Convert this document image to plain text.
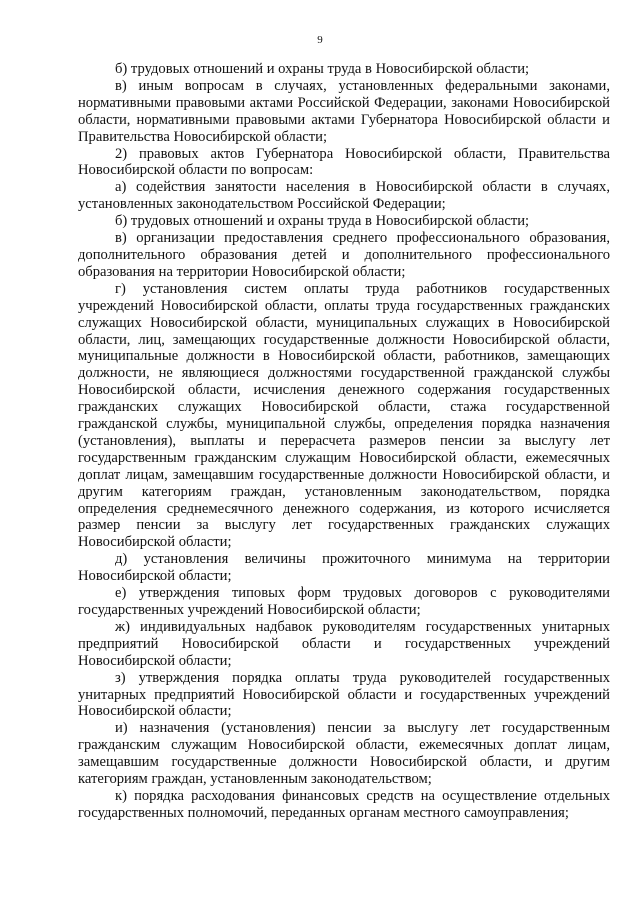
9

б) трудовых отношений и охраны труда в Новосибирской области;

в) иным вопросам в случаях, установленных федеральными законами, нормативными правовыми актами Российской Федерации, законами Новосибирской области, нормативными правовыми актами Губернатора Новосибирской области и Правительства Новосибирской области;

2) правовых актов Губернатора Новосибирской области, Правительства Новосибирской области по вопросам:

а) содействия занятости населения в Новосибирской области в случаях, установленных законодательством Российской Федерации;

б) трудовых отношений и охраны труда в Новосибирской области;

в) организации предоставления среднего профессионального образования, дополнительного образования детей и дополнительного профессионального образования на территории Новосибирской области;

г) установления систем оплаты труда работников государственных учреждений Новосибирской области, оплаты труда государственных гражданских служащих Новосибирской области, муниципальных служащих в Новосибирской области, лиц, замещающих государственные должности Новосибирской области, муниципальные должности в Новосибирской области, работников, замещающих должности, не являющиеся должностями государственной гражданской службы Новосибирской области, исчисления денежного содержания государственных гражданских служащих Новосибирской области, стажа государственной гражданской службы, муниципальной службы, определения порядка назначения (установления), выплаты и перерасчета размеров пенсии за выслугу лет государственным гражданским служащим Новосибирской области, ежемесячных доплат лицам, замещавшим государственные должности Новосибирской области, и другим категориям граждан, установленным законодательством, порядка определения среднемесячного денежного содержания, из которого исчисляется размер пенсии за выслугу лет государственных гражданских служащих Новосибирской области;

д) установления величины прожиточного минимума на территории Новосибирской области;

е) утверждения типовых форм трудовых договоров с руководителями государственных учреждений Новосибирской области;

ж) индивидуальных надбавок руководителям государственных унитарных предприятий Новосибирской области и государственных учреждений Новосибирской области;

з) утверждения порядка оплаты труда руководителей государственных унитарных предприятий Новосибирской области и государственных учреждений Новосибирской области;

и) назначения (установления) пенсии за выслугу лет государственным гражданским служащим Новосибирской области, ежемесячных доплат лицам, замещавшим государственные должности Новосибирской области, и другим категориям граждан, установленным законодательством;

к) порядка расходования финансовых средств на осуществление отдельных государственных полномочий, переданных органам местного самоуправления;
